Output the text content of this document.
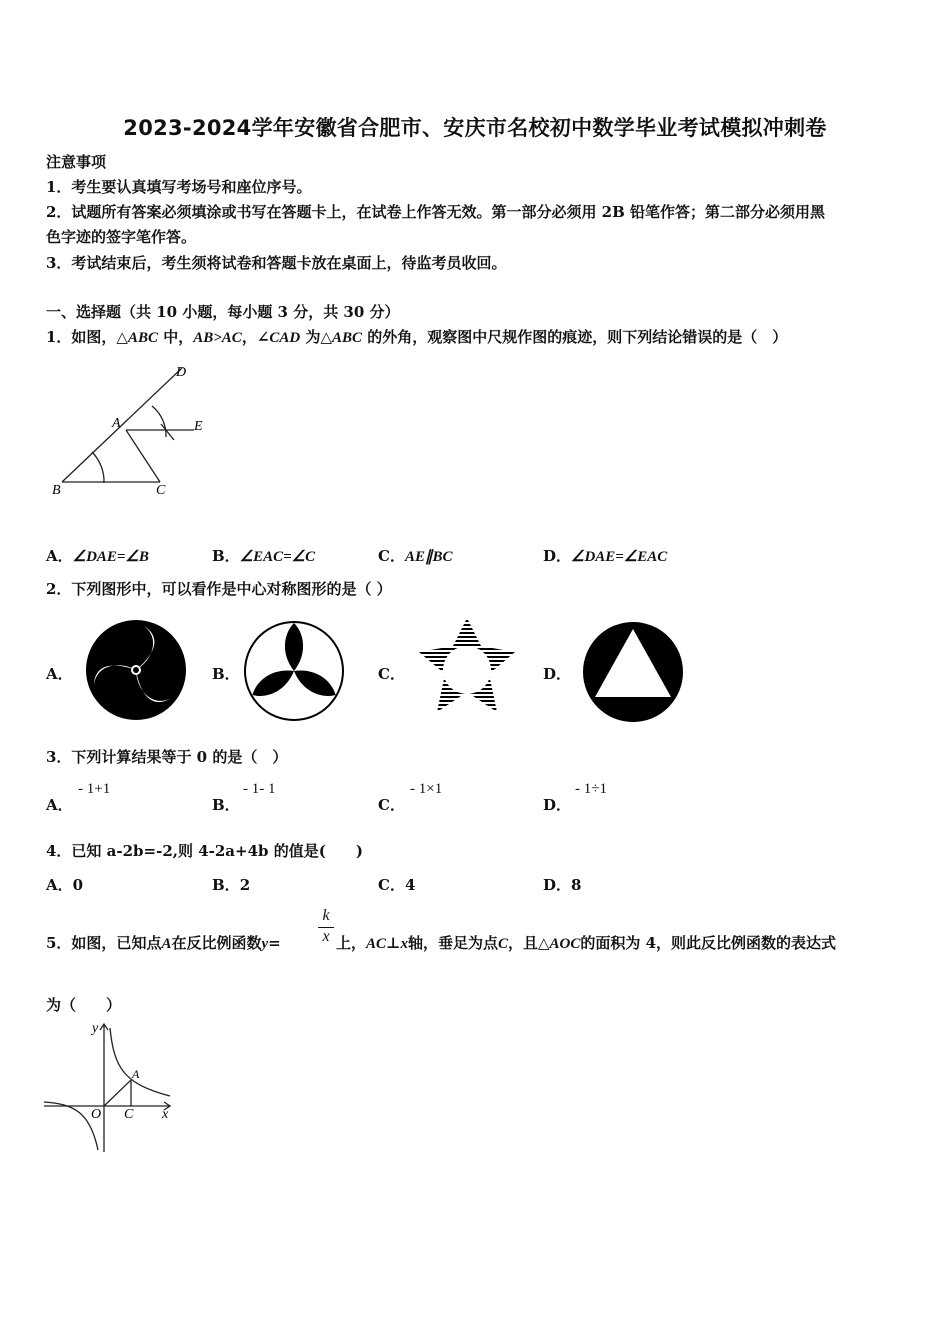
2023-2024学年安徽省合肥市、安庆市名校初中数学毕业考试模拟冲刺卷
注意事项
1．考生要认真填写考场号和座位序号。
2．试题所有答案必须填涂或书写在答题卡上，在试卷上作答无效。第一部分必须用 2B 铅笔作答；第二部分必须用黑
色字迹的签字笔作答。
3．考试结束后，考生须将试卷和答题卡放在桌面上，待监考员收回。
一、选择题（共 10 小题，每小题 3 分，共 30 分）
1．如图，△ABC 中，AB>AC，∠CAD 为△ABC 的外角，观察图中尺规作图的痕迹，则下列结论错误的是（　）
D
A	E
B	C
A．∠DAE=∠B	B．∠EAC=∠C	C．AE∥BC	D．∠DAE=∠EAC
2．下列图形中，可以看作是中心对称图形的是（ ）
A．	B．	C．	D．
3．下列计算结果等于 0 的是（　）
A．
- 1+1
B．
- 1- 1
C．
- 1×1
D．
- 1÷1
4．已知 a-2b=-2,则 4-2a+4b 的值是(　　)
A．0	B．2	C．4	D．8
5．如图，已知点A在反比例函数y=
k
x 上，AC⊥x轴，垂足为点C，且△AOC的面积为 4，则此反比例函数的表达式
为（　　）
y
A
O C x
